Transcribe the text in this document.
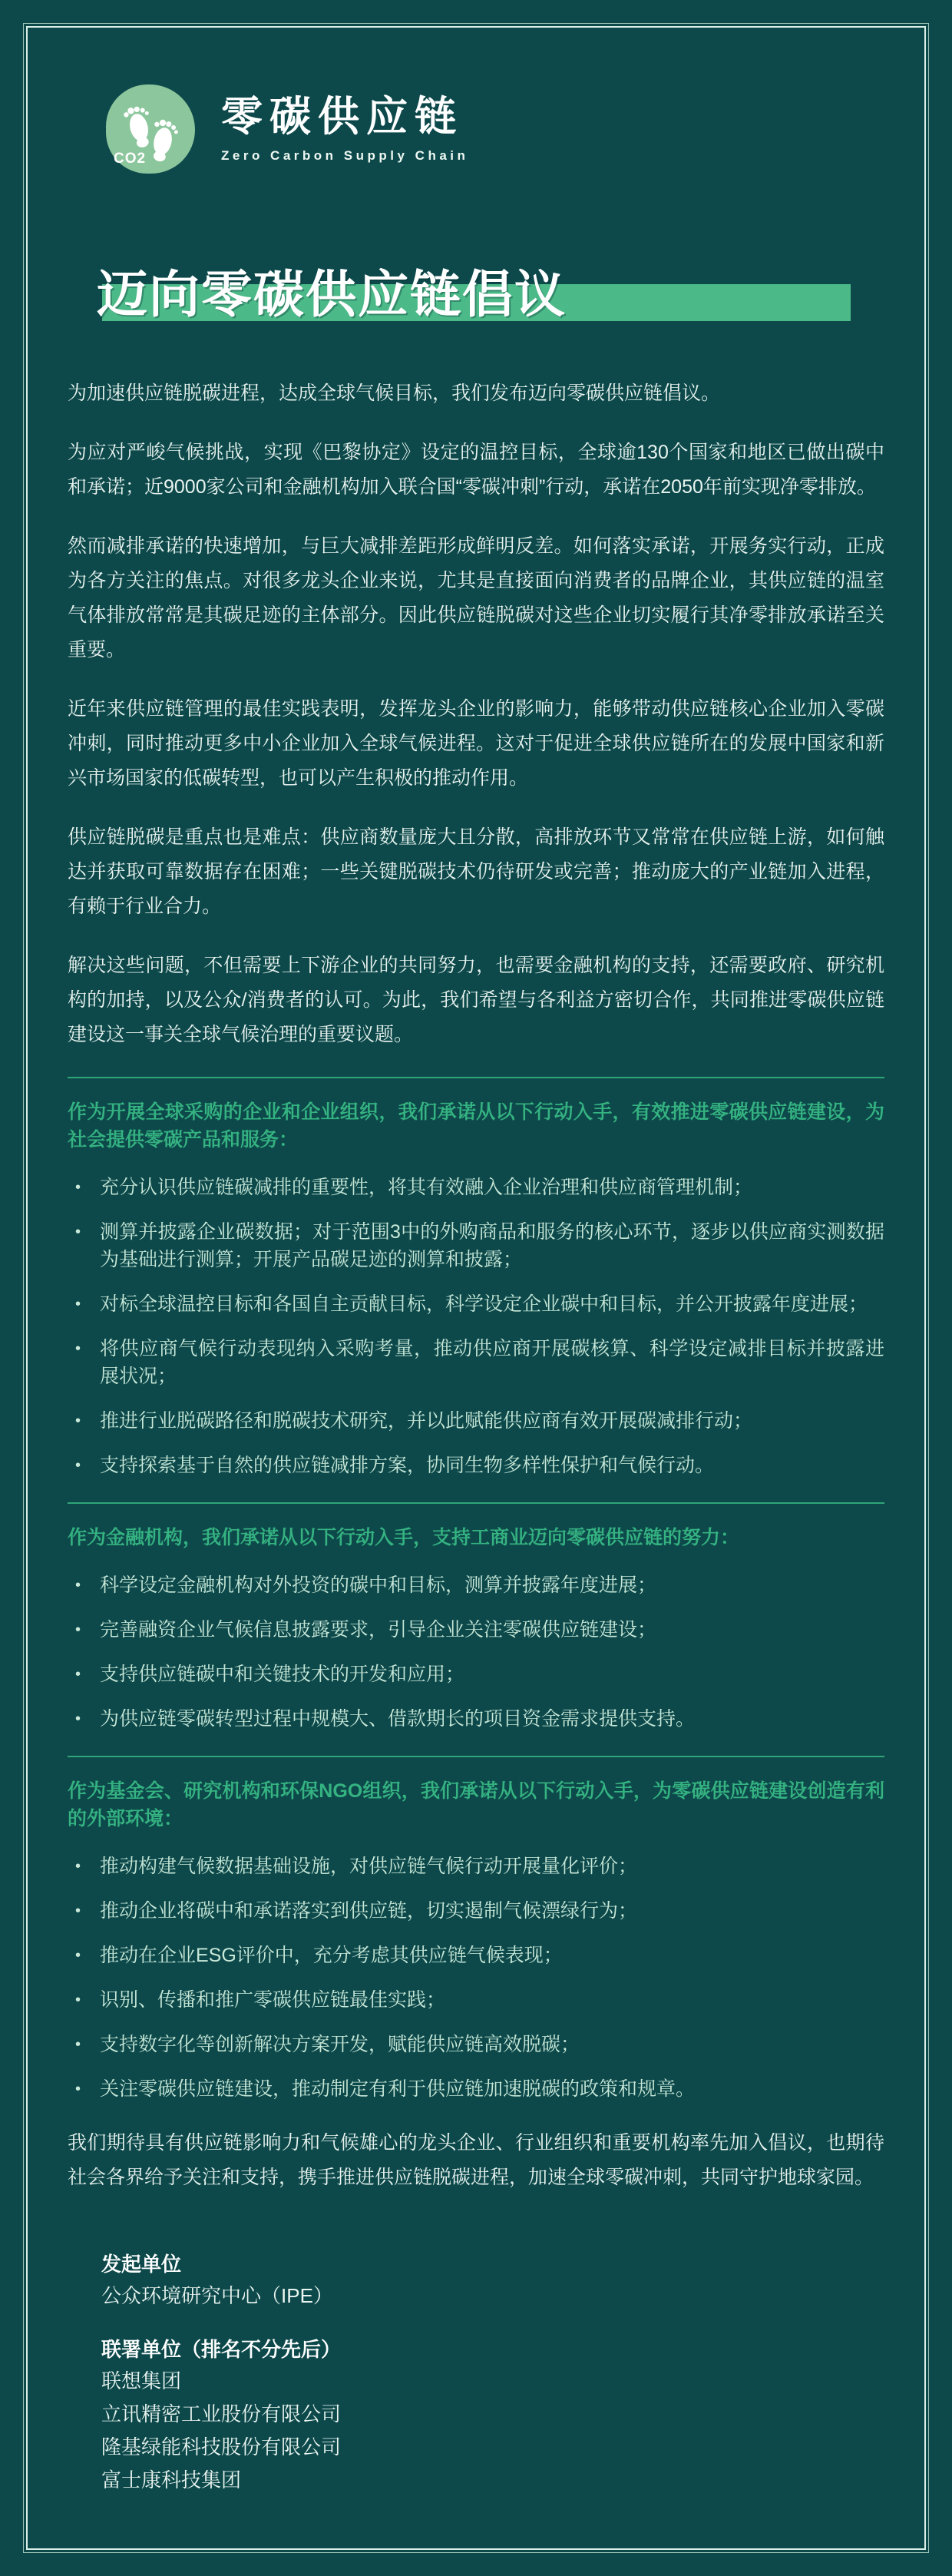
CO2
零碳供应链
Zero Carbon Supply Chain
迈向零碳供应链倡议

为加速供应链脱碳进程，达成全球气候目标，我们发布迈向零碳供应链倡议。

为应对严峻气候挑战，实现《巴黎协定》设定的温控目标，全球逾130个国家和地区已做出碳中和承诺；近9000家公司和金融机构加入联合国“零碳冲刺”行动，承诺在2050年前实现净零排放。

然而减排承诺的快速增加，与巨大减排差距形成鲜明反差。如何落实承诺，开展务实行动，正成为各方关注的焦点。对很多龙头企业来说，尤其是直接面向消费者的品牌企业，其供应链的温室气体排放常常是其碳足迹的主体部分。因此供应链脱碳对这些企业切实履行其净零排放承诺至关重要。

近年来供应链管理的最佳实践表明，发挥龙头企业的影响力，能够带动供应链核心企业加入零碳冲刺，同时推动更多中小企业加入全球气候进程。这对于促进全球供应链所在的发展中国家和新兴市场国家的低碳转型，也可以产生积极的推动作用。

供应链脱碳是重点也是难点：供应商数量庞大且分散，高排放环节又常常在供应链上游，如何触达并获取可靠数据存在困难；一些关键脱碳技术仍待研发或完善；推动庞大的产业链加入进程，有赖于行业合力。

解决这些问题，不但需要上下游企业的共同努力，也需要金融机构的支持，还需要政府、研究机构的加持，以及公众/消费者的认可。为此，我们希望与各利益方密切合作，共同推进零碳供应链建设这一事关全球气候治理的重要议题。

作为开展全球采购的企业和企业组织，我们承诺从以下行动入手，有效推进零碳供应链建设，为社会提供零碳产品和服务：
• 充分认识供应链碳减排的重要性，将其有效融入企业治理和供应商管理机制；
• 测算并披露企业碳数据；对于范围3中的外购商品和服务的核心环节，逐步以供应商实测数据为基础进行测算；开展产品碳足迹的测算和披露；
• 对标全球温控目标和各国自主贡献目标，科学设定企业碳中和目标，并公开披露年度进展；
• 将供应商气候行动表现纳入采购考量，推动供应商开展碳核算、科学设定减排目标并披露进展状况；
• 推进行业脱碳路径和脱碳技术研究，并以此赋能供应商有效开展碳减排行动；
• 支持探索基于自然的供应链减排方案，协同生物多样性保护和气候行动。
作为金融机构，我们承诺从以下行动入手，支持工商业迈向零碳供应链的努力：
• 科学设定金融机构对外投资的碳中和目标，测算并披露年度进展；
• 完善融资企业气候信息披露要求，引导企业关注零碳供应链建设；
• 支持供应链碳中和关键技术的开发和应用；
• 为供应链零碳转型过程中规模大、借款期长的项目资金需求提供支持。
作为基金会、研究机构和环保NGO组织，我们承诺从以下行动入手，为零碳供应链建设创造有利的外部环境：
• 推动构建气候数据基础设施，对供应链气候行动开展量化评价；
• 推动企业将碳中和承诺落实到供应链，切实遏制气候漂绿行为；
• 推动在企业ESG评价中，充分考虑其供应链气候表现；
• 识别、传播和推广零碳供应链最佳实践；
• 支持数字化等创新解决方案开发，赋能供应链高效脱碳；
• 关注零碳供应链建设，推动制定有利于供应链加速脱碳的政策和规章。

我们期待具有供应链影响力和气候雄心的龙头企业、行业组织和重要机构率先加入倡议，也期待社会各界给予关注和支持，携手推进供应链脱碳进程，加速全球零碳冲刺，共同守护地球家园。

发起单位
公众环境研究中心（IPE）
联署单位（排名不分先后）
联想集团
立讯精密工业股份有限公司
隆基绿能科技股份有限公司
富士康科技集团
